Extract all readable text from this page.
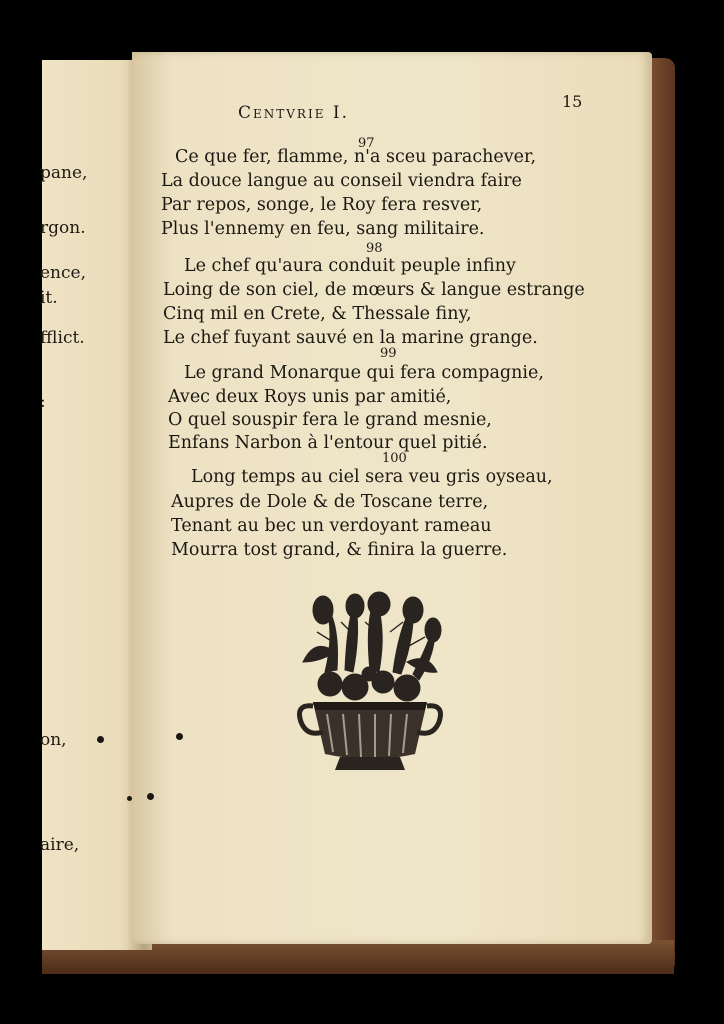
pane,
rgon.
ence,
it.
fflict.
:
on,
aire,
Centvrie I.
15
97
Ce que fer, flamme, n'a sceu parachever,
La douce langue au conseil viendra faire
Par repos, songe, le Roy fera resver,
Plus l'ennemy en feu, sang militaire.
98
Le chef qu'aura conduit peuple infiny
Loing de son ciel, de mœurs & langue estrange
Cinq mil en Crete, & Thessale finy,
Le chef fuyant sauvé en la marine grange.
99
Le grand Monarque qui fera compagnie,
Avec deux Roys unis par amitié,
O quel souspir fera le grand mesnie,
Enfans Narbon à l'entour quel pitié.
100
Long temps au ciel sera veu gris oyseau,
Aupres de Dole & de Toscane terre,
Tenant au bec un verdoyant rameau
Mourra tost grand, & finira la guerre.
